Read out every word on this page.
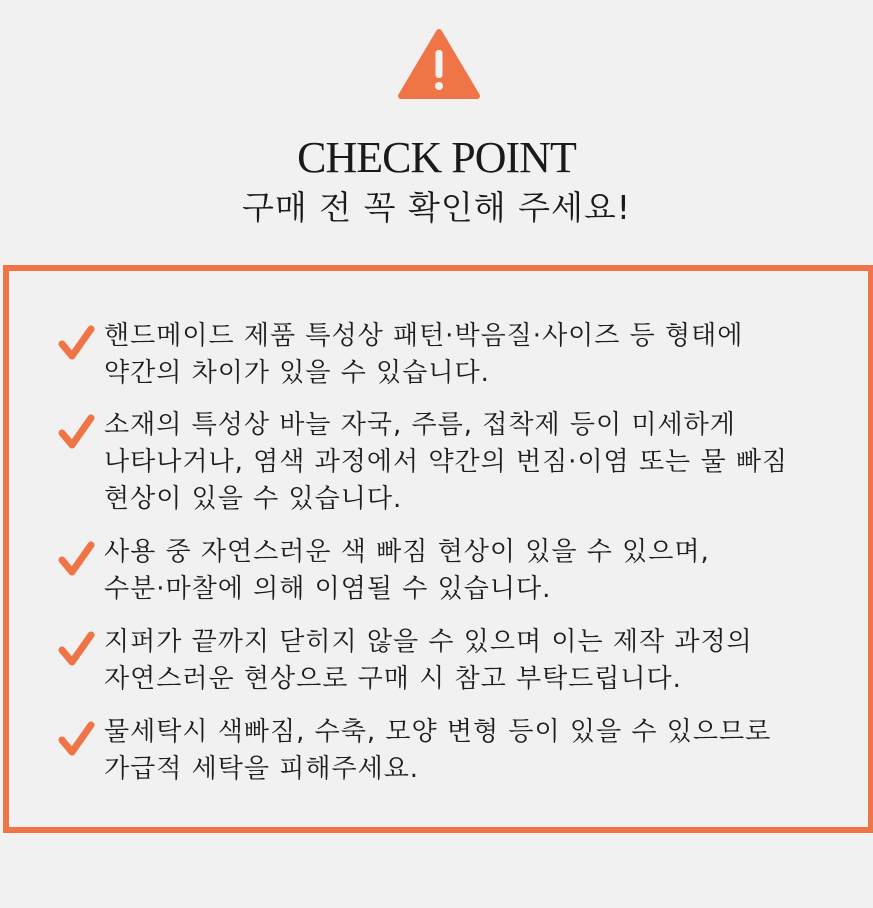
CHECK POINT
구매 전 꼭 확인해 주세요!
핸드메이드 제품 특성상 패턴·박음질·사이즈 등 형태에
약간의 차이가 있을 수 있습니다.
소재의 특성상 바늘 자국, 주름, 접착제 등이 미세하게
나타나거나, 염색 과정에서 약간의 번짐·이염 또는 물 빠짐
현상이 있을 수 있습니다.
사용 중 자연스러운 색 빠짐 현상이 있을 수 있으며,
수분·마찰에 의해 이염될 수 있습니다.
지퍼가 끝까지 닫히지 않을 수 있으며 이는 제작 과정의
자연스러운 현상으로 구매 시 참고 부탁드립니다.
물세탁시 색빠짐, 수축, 모양 변형 등이 있을 수 있으므로
가급적 세탁을 피해주세요.
